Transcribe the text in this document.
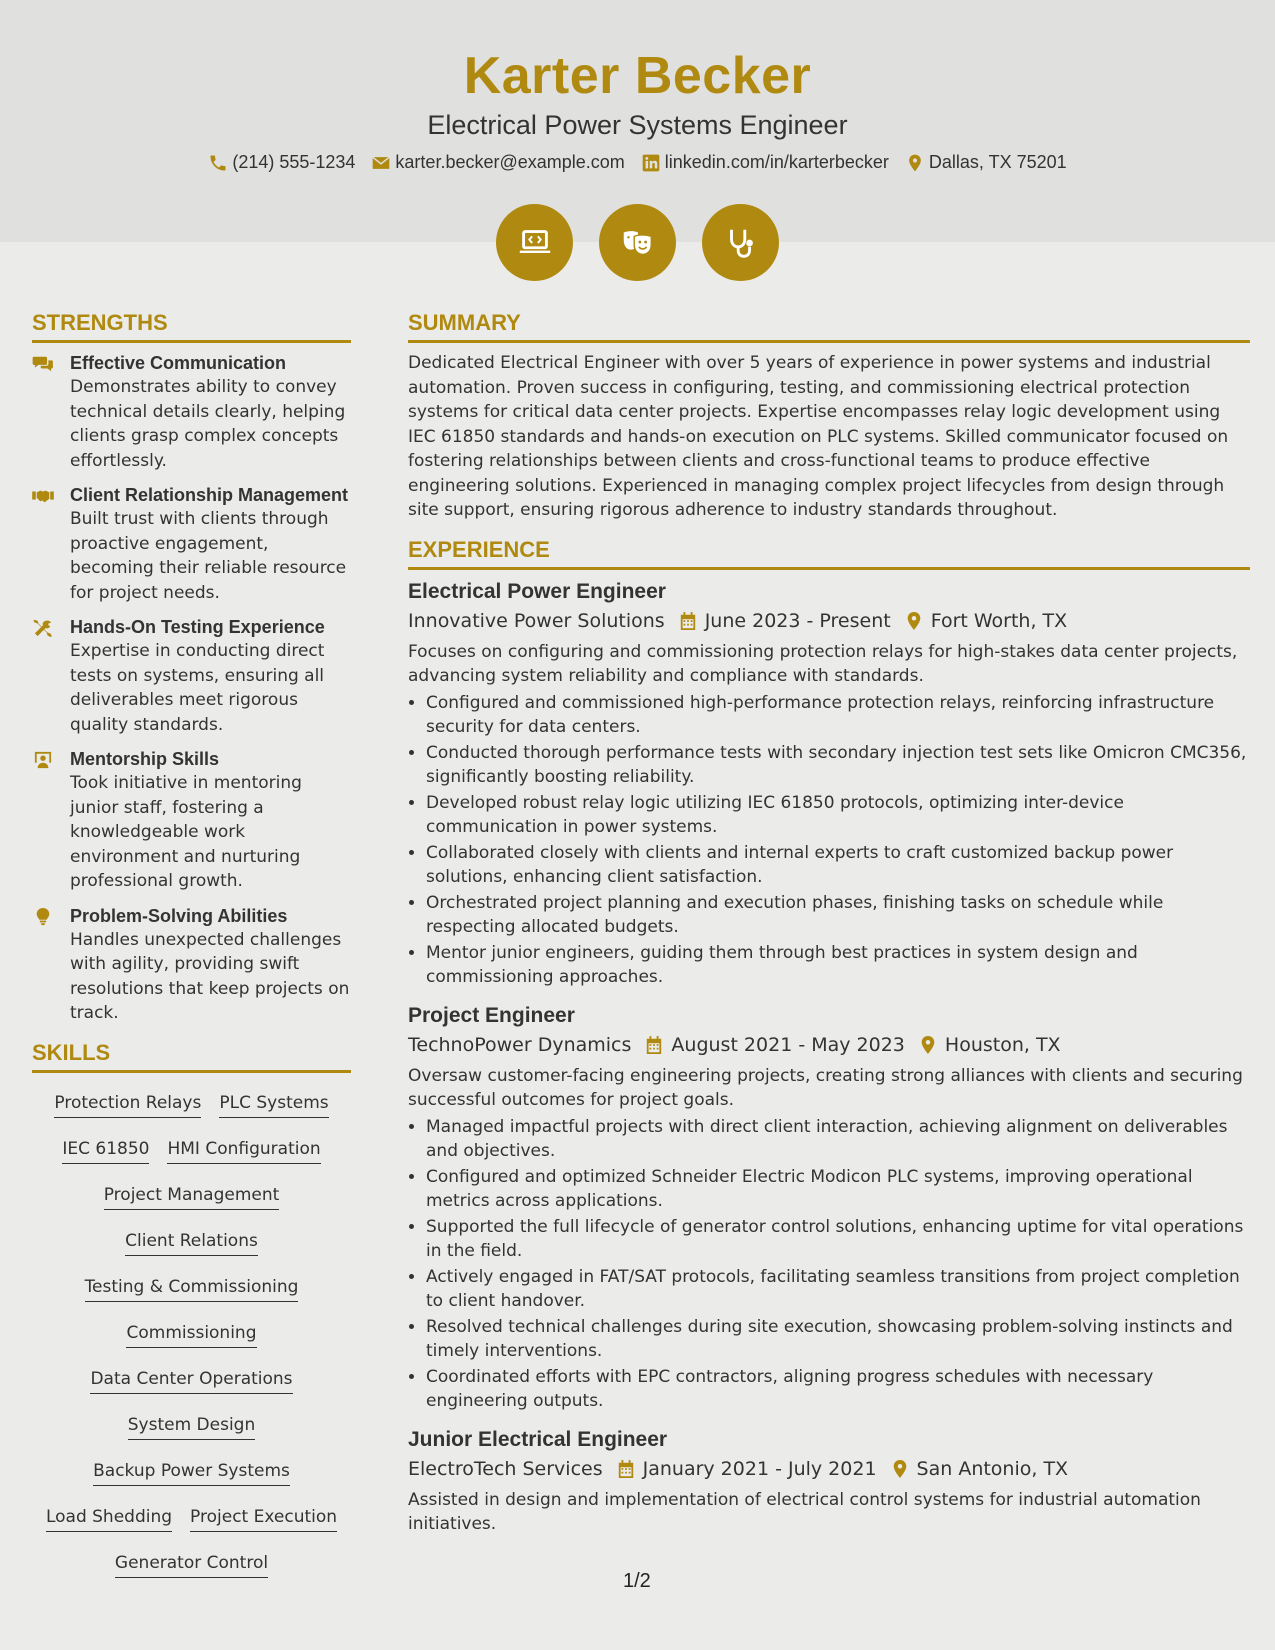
Karter Becker
Electrical Power Systems Engineer
(214) 555-1234 karter.becker@example.com linkedin.com/in/karterbecker Dallas, TX 75201
STRENGTHS
Effective Communication

Demonstrates ability to convey technical details clearly, helping clients grasp complex concepts effortlessly.

Client Relationship Management

Built trust with clients through proactive engagement, becoming their reliable resource for project needs.

Hands-On Testing Experience

Expertise in conducting direct tests on systems, ensuring all deliverables meet rigorous quality standards.

Mentorship Skills

Took initiative in mentoring junior staff, fostering a knowledgeable work environment and nurturing professional growth.

Problem-Solving Abilities

Handles unexpected challenges with agility, providing swift resolutions that keep projects on track.

SKILLS
Protection Relays PLC Systems
IEC 61850 HMI Configuration
Project Management
Client Relations
Testing & Commissioning
Commissioning
Data Center Operations
System Design
Backup Power Systems
Load Shedding Project Execution
Generator Control
SUMMARY

Dedicated Electrical Engineer with over 5 years of experience in power systems and industrial automation. Proven success in configuring, testing, and commissioning electrical protection systems for critical data center projects. Expertise encompasses relay logic development using IEC 61850 standards and hands-on execution on PLC systems. Skilled communicator focused on fostering relationships between clients and cross-functional teams to produce effective engineering solutions. Experienced in managing complex project lifecycles from design through site support, ensuring rigorous adherence to industry standards throughout.

EXPERIENCE
Electrical Power Engineer
Innovative Power Solutions June 2023 - Present Fort Worth, TX

Focuses on configuring and commissioning protection relays for high-stakes data center projects, advancing system reliability and compliance with standards.

• Configured and commissioned high-performance protection relays, reinforcing infrastructure security for data centers.
• Conducted thorough performance tests with secondary injection test sets like Omicron CMC356, significantly boosting reliability.
• Developed robust relay logic utilizing IEC 61850 protocols, optimizing inter-device communication in power systems.
• Collaborated closely with clients and internal experts to craft customized backup power solutions, enhancing client satisfaction.
• Orchestrated project planning and execution phases, finishing tasks on schedule while respecting allocated budgets.
• Mentor junior engineers, guiding them through best practices in system design and commissioning approaches.
Project Engineer
TechnoPower Dynamics August 2021 - May 2023 Houston, TX

Oversaw customer-facing engineering projects, creating strong alliances with clients and securing successful outcomes for project goals.

• Managed impactful projects with direct client interaction, achieving alignment on deliverables and objectives.
• Configured and optimized Schneider Electric Modicon PLC systems, improving operational metrics across applications.
• Supported the full lifecycle of generator control solutions, enhancing uptime for vital operations in the field.
• Actively engaged in FAT/SAT protocols, facilitating seamless transitions from project completion to client handover.
• Resolved technical challenges during site execution, showcasing problem-solving instincts and timely interventions.
• Coordinated efforts with EPC contractors, aligning progress schedules with necessary engineering outputs.
Junior Electrical Engineer
ElectroTech Services January 2021 - July 2021 San Antonio, TX

Assisted in design and implementation of electrical control systems for industrial automation initiatives.

1/2
